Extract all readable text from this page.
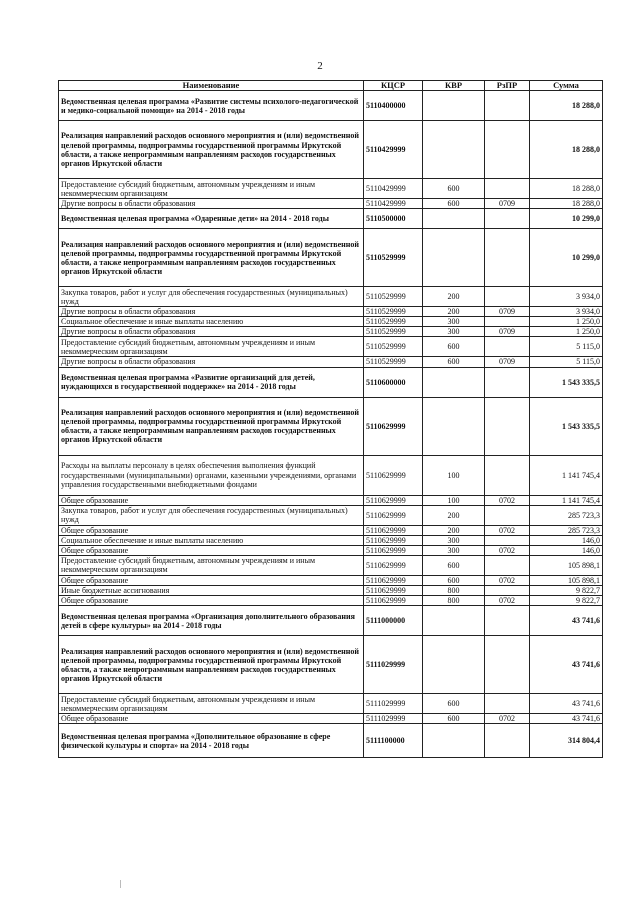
2
Наименование	КЦСР	КВР	РзПР	Сумма
Ведомственная целевая программа «Развитие системы психолого-педагогической и медико-социальной помощи» на 2014 - 2018 годы	5110400000			18 288,0
Реализация направлений расходов основного мероприятия и (или) ведомственной целевой программы, подпрограммы государственной программы Иркутской области, а также непрограммным направлениям расходов государственных органов Иркутской области	5110429999			18 288,0
Предоставление субсидий бюджетным, автономным учреждениям и иным некоммерческим организациям	5110429999	600		18 288,0
Другие вопросы в области образования	5110429999	600	0709	18 288,0
Ведомственная целевая программа «Одаренные дети» на 2014 - 2018 годы	5110500000			10 299,0
Реализация направлений расходов основного мероприятия и (или) ведомственной целевой программы, подпрограммы государственной программы Иркутской области, а также непрограммным направлениям расходов государственных органов Иркутской области	5110529999			10 299,0
Закупка товаров, работ и услуг для обеспечения государственных (муниципальных) нужд	5110529999	200		3 934,0
Другие вопросы в области образования	5110529999	200	0709	3 934,0
Социальное обеспечение и иные выплаты населению	5110529999	300		1 250,0
Другие вопросы в области образования	5110529999	300	0709	1 250,0
Предоставление субсидий бюджетным, автономным учреждениям и иным некоммерческим организациям	5110529999	600		5 115,0
Другие вопросы в области образования	5110529999	600	0709	5 115,0
Ведомственная целевая программа «Развитие организаций для детей, нуждающихся в государственной поддержке» на 2014 - 2018 годы	5110600000			1 543 335,5
Реализация направлений расходов основного мероприятия и (или) ведомственной целевой программы, подпрограммы государственной программы Иркутской области, а также непрограммным направлениям расходов государственных органов Иркутской области	5110629999			1 543 335,5
Расходы на выплаты персоналу в целях обеспечения выполнения функций государственными (муниципальными) органами, казенными учреждениями, органами управления государственными внебюджетными фондами	5110629999	100		1 141 745,4
Общее образование	5110629999	100	0702	1 141 745,4
Закупка товаров, работ и услуг для обеспечения государственных (муниципальных) нужд	5110629999	200		285 723,3
Общее образование	5110629999	200	0702	285 723,3
Социальное обеспечение и иные выплаты населению	5110629999	300		146,0
Общее образование	5110629999	300	0702	146,0
Предоставление субсидий бюджетным, автономным учреждениям и иным некоммерческим организациям	5110629999	600		105 898,1
Общее образование	5110629999	600	0702	105 898,1
Иные бюджетные ассигнования	5110629999	800		9 822,7
Общее образование	5110629999	800	0702	9 822,7
Ведомственная целевая программа «Организация дополнительного образования детей в сфере культуры» на 2014 - 2018 годы	5111000000			43 741,6
Реализация направлений расходов основного мероприятия и (или) ведомственной целевой программы, подпрограммы государственной программы Иркутской области, а также непрограммным направлениям расходов государственных органов Иркутской области	5111029999			43 741,6
Предоставление субсидий бюджетным, автономным учреждениям и иным некоммерческим организациям	5111029999	600		43 741,6
Общее образование	5111029999	600	0702	43 741,6
Ведомственная целевая программа «Дополнительное образование в сфере физической культуры и спорта» на 2014 - 2018 годы	5111100000			314 804,4
